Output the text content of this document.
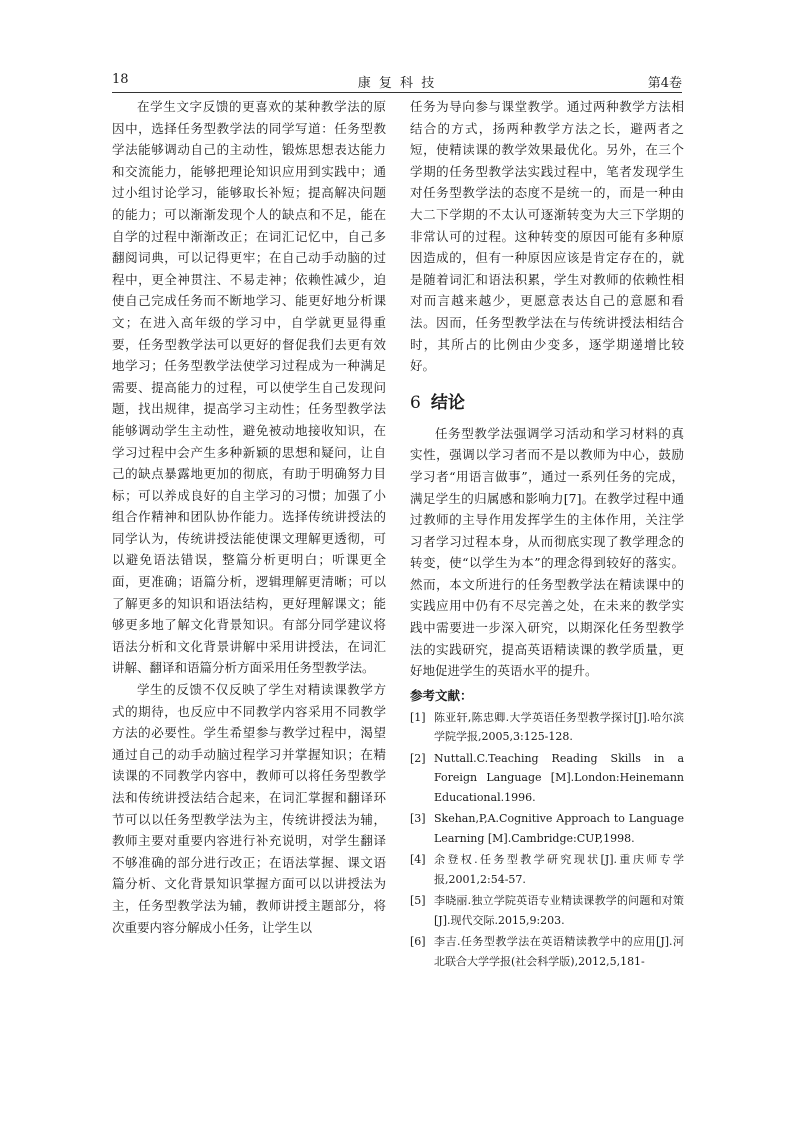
18	康 复 科 技	第4卷

在学生文字反馈的更喜欢的某种教学法的原因中，选择任务型教学法的同学写道：任务型教学法能够调动自己的主动性，锻炼思想表达能力和交流能力，能够把理论知识应用到实践中；通过小组讨论学习，能够取长补短；提高解决问题的能力；可以渐渐发现个人的缺点和不足，能在自学的过程中渐渐改正；在词汇记忆中，自己多翻阅词典，可以记得更牢；在自己动手动脑的过程中，更全神贯注、不易走神；依赖性减少，迫使自己完成任务而不断地学习、能更好地分析课文；在进入高年级的学习中，自学就更显得重要，任务型教学法可以更好的督促我们去更有效地学习；任务型教学法使学习过程成为一种满足需要、提高能力的过程，可以使学生自己发现问题，找出规律，提高学习主动性；任务型教学法能够调动学生主动性，避免被动地接收知识，在学习过程中会产生多种新颖的思想和疑问，让自己的缺点暴露地更加的彻底，有助于明确努力目标；可以养成良好的自主学习的习惯；加强了小组合作精神和团队协作能力。选择传统讲授法的同学认为，传统讲授法能使课文理解更透彻，可以避免语法错误，整篇分析更明白；听课更全面，更准确；语篇分析，逻辑理解更清晰；可以了解更多的知识和语法结构，更好理解课文；能够更多地了解文化背景知识。有部分同学建议将语法分析和文化背景讲解中采用讲授法，在词汇讲解、翻译和语篇分析方面采用任务型教学法。

学生的反馈不仅反映了学生对精读课教学方式的期待，也反应中不同教学内容采用不同教学方法的必要性。学生希望参与教学过程中，渴望通过自己的动手动脑过程学习并掌握知识；在精读课的不同教学内容中，教师可以将任务型教学法和传统讲授法结合起来，在词汇掌握和翻译环节可以以任务型教学法为主，传统讲授法为辅，教师主要对重要内容进行补充说明，对学生翻译不够准确的部分进行改正；在语法掌握、课文语篇分析、文化背景知识掌握方面可以以讲授法为主，任务型教学法为辅，教师讲授主题部分，将次重要内容分解成小任务，让学生以

任务为导向参与课堂教学。通过两种教学方法相结合的方式，扬两种教学方法之长，避两者之短，使精读课的教学效果最优化。另外，在三个学期的任务型教学法实践过程中，笔者发现学生对任务型教学法的态度不是统一的，而是一种由大二下学期的不太认可逐渐转变为大三下学期的非常认可的过程。这种转变的原因可能有多种原因造成的，但有一种原因应该是肯定存在的，就是随着词汇和语法积累，学生对教师的依赖性相对而言越来越少，更愿意表达自己的意愿和看法。因而，任务型教学法在与传统讲授法相结合时，其所占的比例由少变多，逐学期递增比较好。

6 结论

任务型教学法强调学习活动和学习材料的真实性，强调以学习者而不是以教师为中心，鼓励学习者“用语言做事”，通过一系列任务的完成，满足学生的归属感和影响力[7]。在教学过程中通过教师的主导作用发挥学生的主体作用，关注学习者学习过程本身，从而彻底实现了教学理念的转变，使“以学生为本”的理念得到较好的落实。然而，本文所进行的任务型教学法在精读课中的实践应用中仍有不尽完善之处，在未来的教学实践中需要进一步深入研究，以期深化任务型教学法的实践研究，提高英语精读课的教学质量，更好地促进学生的英语水平的提升。

参考文献：
[1] 陈亚轩,陈忠卿.大学英语任务型教学探讨[J].哈尔滨学院学报,2005,3:125-128.
[2] Nuttall.C.Teaching Reading Skills in a Foreign Language [M].London:Heinemann Educational.1996.
[3] Skehan,P,A.Cognitive Approach to Language Learning [M].Cambridge:CUP,1998.
[4] 余登权.任务型教学研究现状[J].重庆师专学报,2001,2:54-57.
[5] 李晓丽.独立学院英语专业精读课教学的问题和对策[J].现代交际.2015,9:203.
[6] 李吉.任务型教学法在英语精读教学中的应用[J].河北联合大学学报(社会科学版),2012,5,181-
